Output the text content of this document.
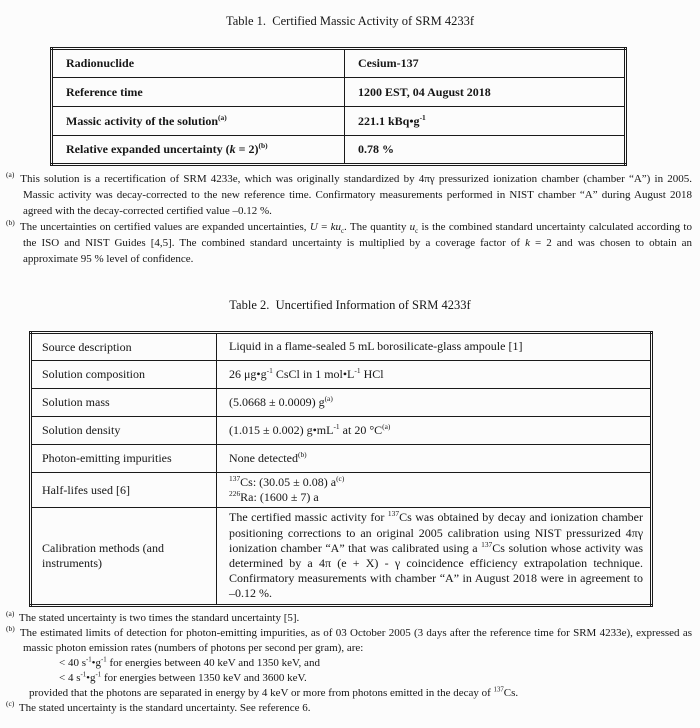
Table 1.  Certified Massic Activity of SRM 4233f
Radionuclide	Cesium-137

Reference time	1200 EST, 04 August 2018

Massic activity of the solution$^{(a)}$	221.1 $kBq•g^{-1}$

Relative expanded uncertainty (k = 2)$^{(b)}$	0.78 %
$^{(a)}$ This solution is a recertification of SRM 4233e, which was originally standardized by 4πγ pressurized ionization chamber (chamber “A”) in 2005. Massic activity was decay-corrected to the new reference time. Confirmatory measurements performed in NIST chamber “A” during August 2018 agreed with the decay-corrected certified value –0.12 %.
$^{(b)}$ The uncertainties on certified values are expanded uncertainties, $U = ku_c$. The quantity $u_c$ is the combined standard uncertainty calculated according to the ISO and NIST Guides [4,5]. The combined standard uncertainty is multiplied by a coverage factor of k = 2 and was chosen to obtain an approximate 95 % level of confidence.
Table 2.  Uncertified Information of SRM 4233f
Source description	Liquid in a flame-sealed 5 mL borosilicate-glass ampoule [1]

Solution composition	26 $\mu g•g^{-1}$ CsCl in 1 $mol•L^{-1}$ HCl

Solution mass	(5.0668 ± 0.0009) $g^{(a)}$

Solution density	(1.015 ± 0.002) $g•mL^{-1}$ at 20 $^\circ C^{(a)}$

Photon-emitting impurities	None detected$^{(b)}$

Half-lifes used [6]	$^{137}$Cs: (30.05 ± 0.08) $a^{(c)}$
$^{226}$Ra: (1600 ± 7) a

Calibration methods (and instruments)	The certified massic activity for $^{137}$Cs was obtained by decay and ionization chamber positioning corrections to an original 2005 calibration using NIST pressurized 4πγ ionization chamber “A” that was calibrated using a $^{137}$Cs solution whose activity was determined by a 4π (e + X) - γ coincidence efficiency extrapolation technique. Confirmatory measurements with chamber “A” in August 2018 were in agreement to –0.12 %.
$^{(a)}$ The stated uncertainty is two times the standard uncertainty [5].
$^{(b)}$ The estimated limits of detection for photon-emitting impurities, as of 03 October 2005 (3 days after the reference time for SRM 4233e), expressed as massic photon emission rates (numbers of photons per second per gram), are:
< 40 $s^{-1}•g^{-1}$ for energies between 40 keV and 1350 keV, and
< 4 $s^{-1}•g^{-1}$ for energies between 1350 keV and 3600 keV.
provided that the photons are separated in energy by 4 keV or more from photons emitted in the decay of $^{137}$Cs.
$^{(c)}$ The stated uncertainty is the standard uncertainty. See reference 6.
